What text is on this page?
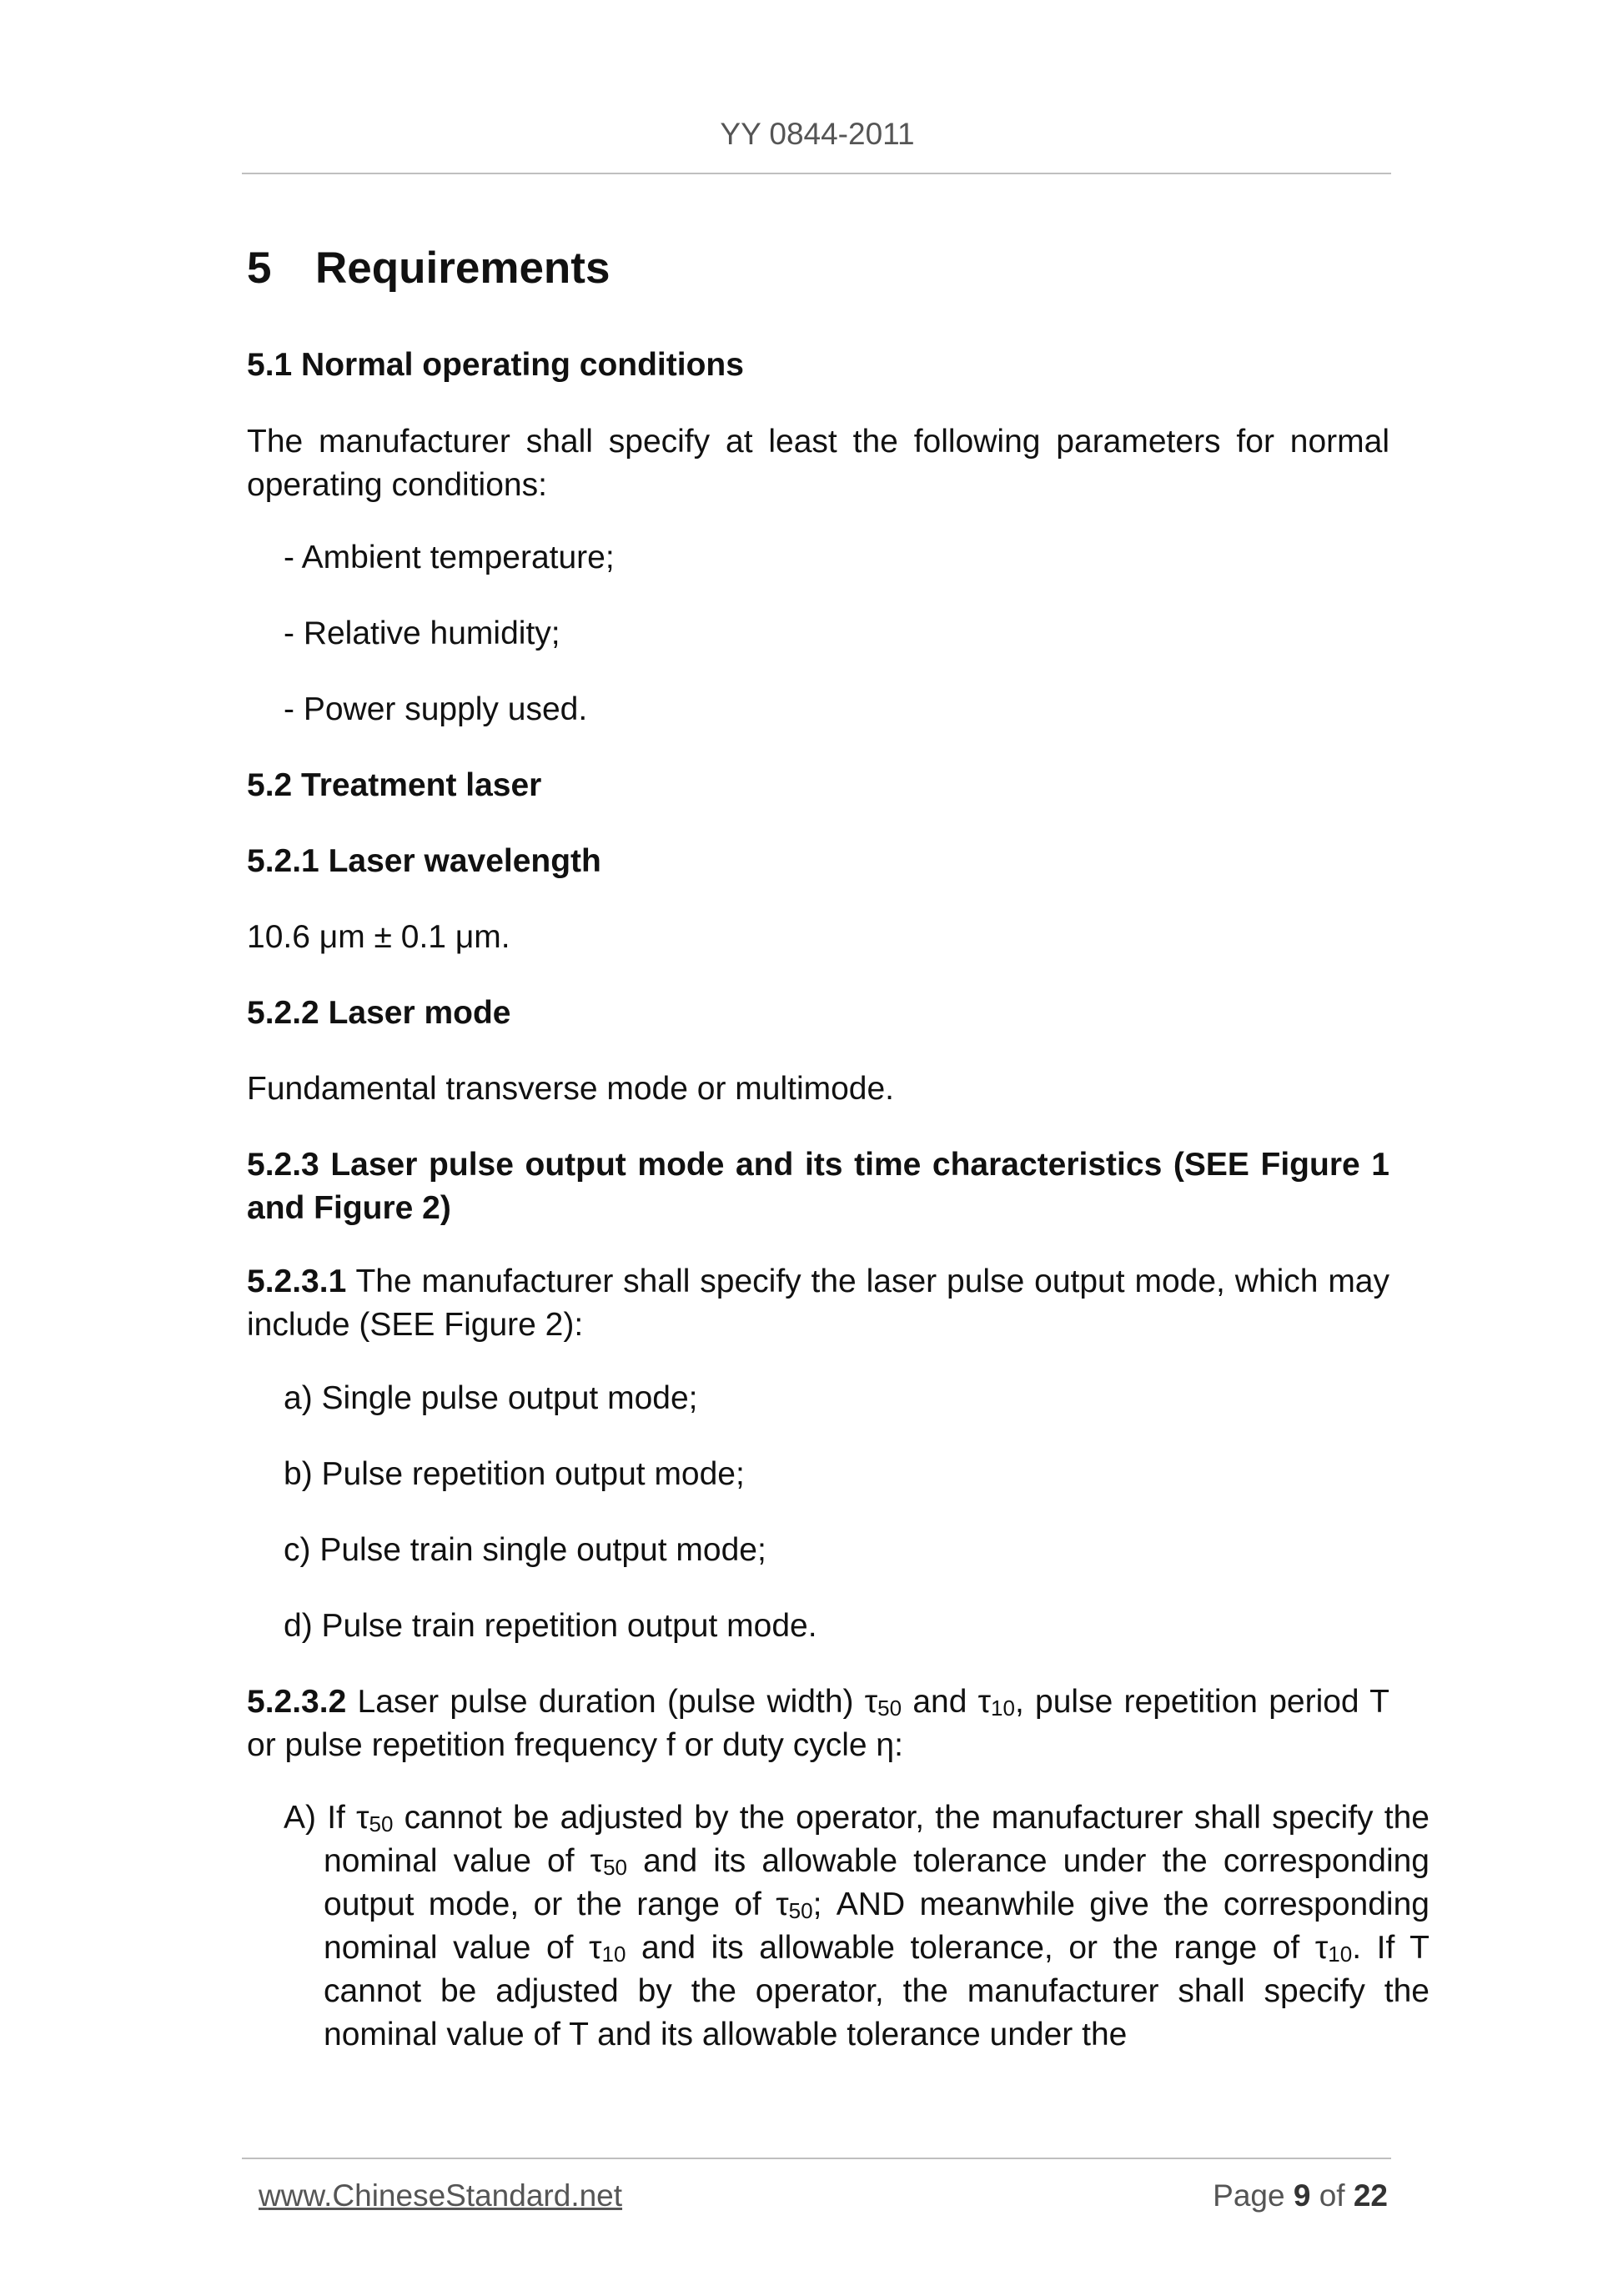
YY 0844-2011
5 Requirements
5.1 Normal operating conditions
The manufacturer shall specify at least the following parameters for normal operating conditions:
- Ambient temperature;
- Relative humidity;
- Power supply used.
5.2 Treatment laser
5.2.1 Laser wavelength
10.6 μm ± 0.1 μm.
5.2.2 Laser mode
Fundamental transverse mode or multimode.
5.2.3 Laser pulse output mode and its time characteristics (SEE Figure 1 and Figure 2)
5.2.3.1 The manufacturer shall specify the laser pulse output mode, which may include (SEE Figure 2):
a) Single pulse output mode;
b) Pulse repetition output mode;
c) Pulse train single output mode;
d) Pulse train repetition output mode.
5.2.3.2 Laser pulse duration (pulse width) $\tau_{50}$ and $\tau_{10}$, pulse repetition period T or pulse repetition frequency f or duty cycle η:
A) If $\tau_{50}$ cannot be adjusted by the operator, the manufacturer shall specify the nominal value of $\tau_{50}$ and its allowable tolerance under the corresponding output mode, or the range of $\tau_{50}$; AND meanwhile give the corresponding nominal value of $\tau_{10}$ and its allowable tolerance, or the range of $\tau_{10}$. If T cannot be adjusted by the operator, the manufacturer shall specify the nominal value of T and its allowable tolerance under the
www.ChineseStandard.net	Page 9 of 22
